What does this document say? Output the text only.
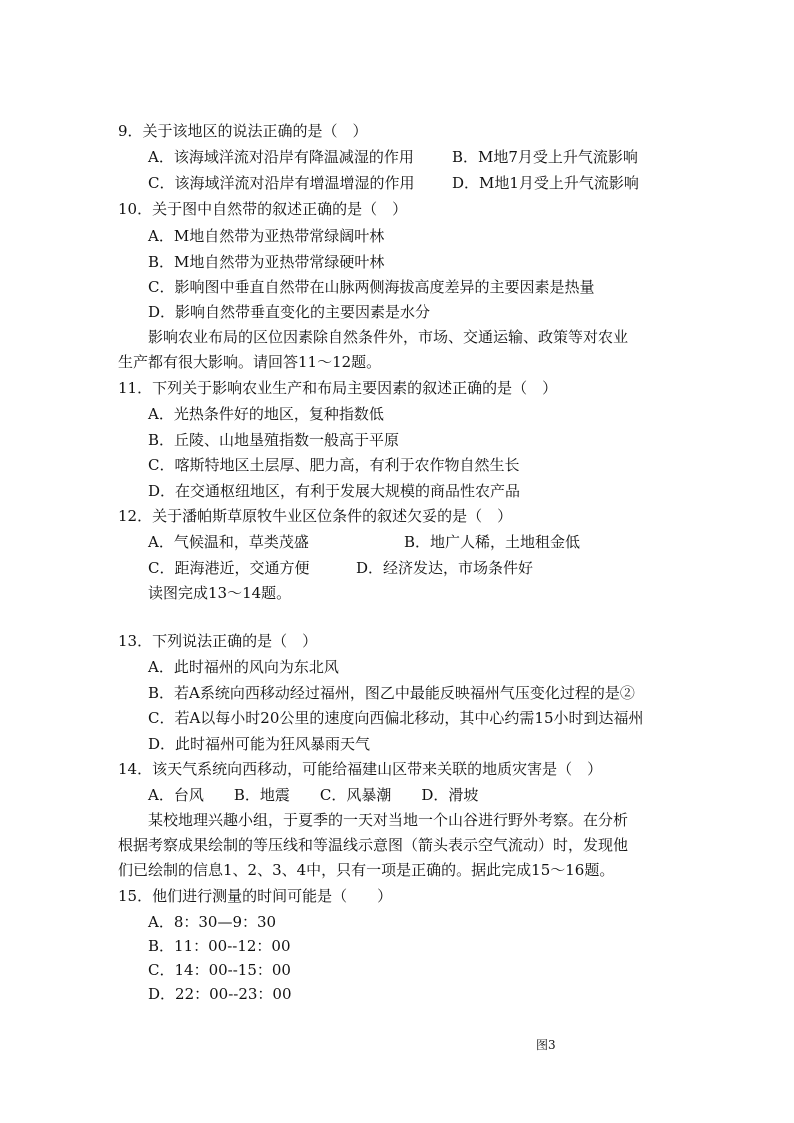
9．关于该地区的说法正确的是（　）
A．该海域洋流对沿岸有降温减湿的作用	B．M地7月受上升气流影响
C．该海域洋流对沿岸有增温增湿的作用	D．M地1月受上升气流影响
10．关于图中自然带的叙述正确的是（　）
A．M地自然带为亚热带常绿阔叶林
B．M地自然带为亚热带常绿硬叶林
C．影响图中垂直自然带在山脉两侧海拔高度差异的主要因素是热量
D．影响自然带垂直变化的主要因素是水分
影响农业布局的区位因素除自然条件外，市场、交通运输、政策等对农业
生产都有很大影响。请回答11～12题。
11．下列关于影响农业生产和布局主要因素的叙述正确的是（　）
A．光热条件好的地区，复种指数低
B．丘陵、山地垦殖指数一般高于平原
C．喀斯特地区土层厚、肥力高，有利于农作物自然生长
D．在交通枢纽地区，有利于发展大规模的商品性农产品
12．关于潘帕斯草原牧牛业区位条件的叙述欠妥的是（　）
A．气候温和，草类茂盛	B．地广人稀，土地租金低
C．距海港近，交通方便	D．经济发达，市场条件好
读图完成13～14题。
13．下列说法正确的是（　）
A．此时福州的风向为东北风
B．若A系统向西移动经过福州，图乙中最能反映福州气压变化过程的是②
C．若A以每小时20公里的速度向西偏北移动，其中心约需15小时到达福州
D．此时福州可能为狂风暴雨天气
14．该天气系统向西移动，可能给福建山区带来关联的地质灾害是（　）
A．台风　　B．地震　　C．风暴潮　　D．滑坡
某校地理兴趣小组，于夏季的一天对当地一个山谷进行野外考察。在分析
根据考察成果绘制的等压线和等温线示意图（箭头表示空气流动）时，发现他
们已绘制的信息1、2、3、4中，只有一项是正确的。据此完成15～16题。
15．他们进行测量的时间可能是（　　）
A．8：30—9：30
B．11：00--12：00
C．14：00--15：00
D．22：00--23：00
图3
